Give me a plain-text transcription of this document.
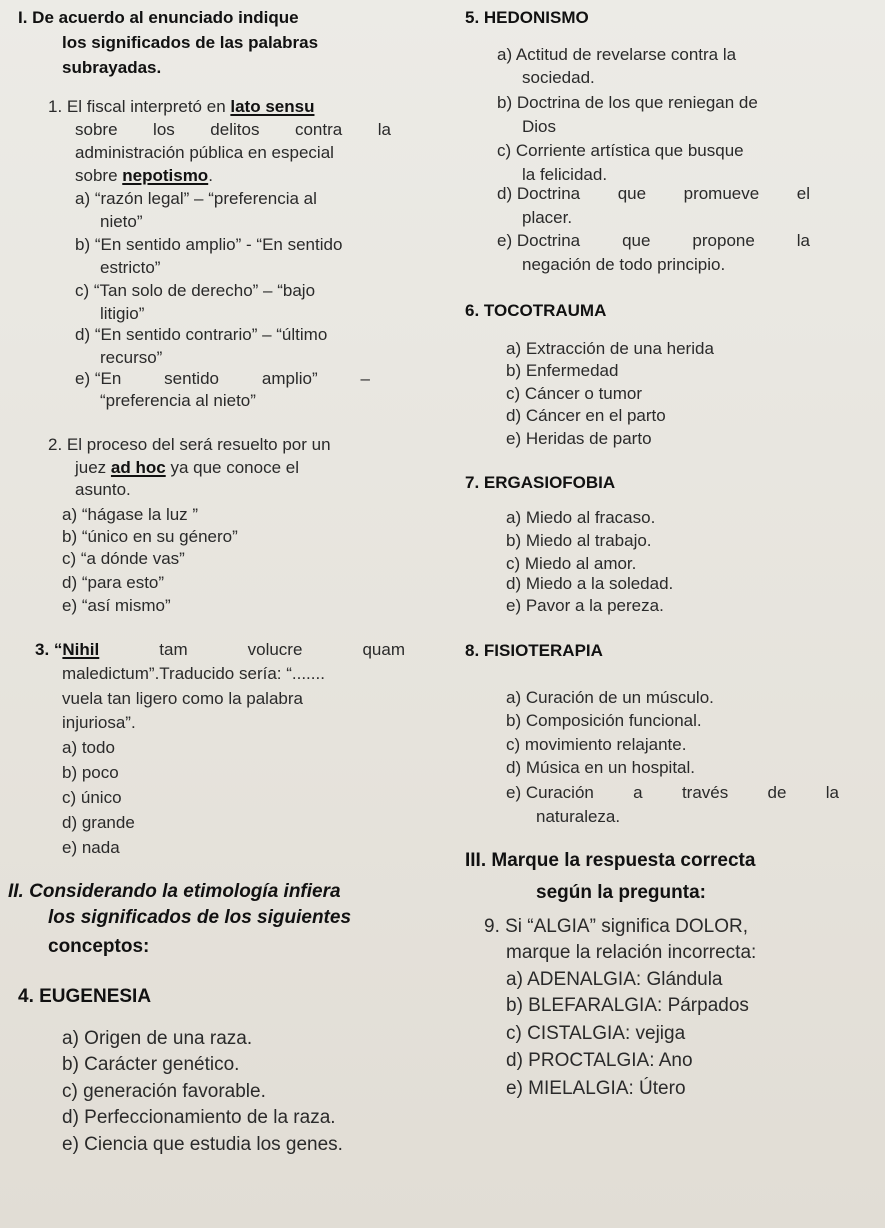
I. De acuerdo al enunciado indique
los significados de las palabras
subrayadas.
1. El fiscal interpretó en lato sensu
sobre los delitos contra la
administración pública en especial
sobre nepotismo.
a) “razón legal” – “preferencia al
nieto”
b) “En sentido amplio” - “En sentido
estricto”
c) “Tan solo de derecho” – “bajo
litigio”
d) “En sentido contrario” – “último
recurso”
e) “En	sentido	amplio”	–
“preferencia al nieto”
2. El proceso del será resuelto por un
juez ad hoc ya que conoce el
asunto.
a) “hágase la luz ”
b) “único en su género”
c) “a dónde vas”
d) “para esto”
e) “así mismo”
3. “Nihil	tam	volucre	quam
maledictum”.Traducido sería: “.......
vuela tan ligero como la palabra
injuriosa”.
a) todo
b) poco
c) único
d) grande
e) nada
II. Considerando la etimología infiera
los significados de los siguientes
conceptos:
4. EUGENESIA
a) Origen de una raza.
b) Carácter genético.
c) generación favorable.
d) Perfeccionamiento de la raza.
e) Ciencia que estudia los genes.
5. HEDONISMO
a) Actitud de revelarse contra la
sociedad.
b) Doctrina de los que reniegan de
Dios
c) Corriente artística que busque
la felicidad.
d) Doctrina que promueve el
placer.
e) Doctrina que propone la
negación de todo principio.
6. TOCOTRAUMA
a) Extracción de una herida
b) Enfermedad
c) Cáncer o tumor
d) Cáncer en el parto
e) Heridas de parto
7. ERGASIOFOBIA
a) Miedo al fracaso.
b) Miedo al trabajo.
c) Miedo al amor.
d) Miedo a la soledad.
e) Pavor a la pereza.
8. FISIOTERAPIA
a) Curación de un músculo.
b) Composición funcional.
c) movimiento relajante.
d) Música en un hospital.
e) Curación a través de la
naturaleza.
III. Marque la respuesta correcta
según la pregunta:
9. Si “ALGIA” significa DOLOR,
marque la relación incorrecta:
a) ADENALGIA: Glándula
b) BLEFARALGIA: Párpados
c) CISTALGIA: vejiga
d) PROCTALGIA: Ano
e) MIELALGIA: Útero
